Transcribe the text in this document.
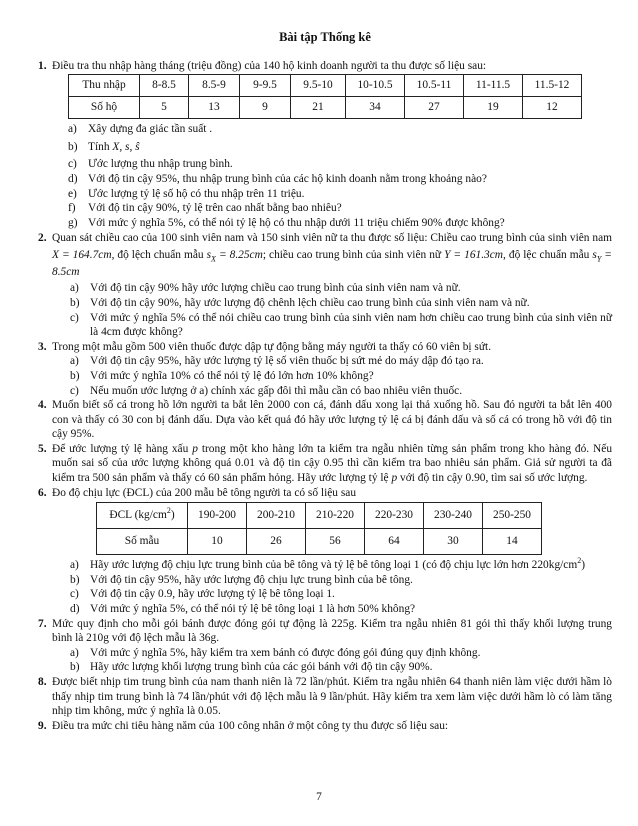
Bài tập Thống kê
1. Điều tra thu nhập hàng tháng (triệu đồng) của 140 hộ kinh doanh người ta thu được số liệu sau:
Thu nhập	8-8.5	8.5-9	9-9.5	9.5-10	10-10.5	10.5-11	11-11.5	11.5-12
Số hộ	5	13	9	21	34	27	19	12
a) Xây dựng đa giác tần suất .
b) Tính X, s, ŝ
c) Ước lượng thu nhập trung bình.
d) Với độ tin cậy 95%, thu nhập trung bình của các hộ kinh doanh nằm trong khoảng nào?
e) Ước lượng tỷ lệ số hộ có thu nhập trên 11 triệu.
f) Với độ tin cậy 90%, tỷ lệ trên cao nhất bằng bao nhiêu?
g) Với mức ý nghĩa 5%, có thể nói tỷ lệ hộ có thu nhập dưới 11 triệu chiếm 90% được không?
2. Quan sát chiều cao của 100 sinh viên nam và 150 sinh viên nữ ta thu được số liệu: Chiều cao trung bình của sinh viên nam X = 164.7cm, độ lệch chuẩn mẫu $s_X = 8.25cm$; chiều cao trung bình của sinh viên nữ Y = 161.3cm, độ lệc chuẩn mẫu $s_Y = 8.5cm$
a) Với độ tin cậy 90% hãy ước lượng chiều cao trung bình của sinh viên nam và nữ.
b) Với độ tin cậy 90%, hãy ước lượng độ chênh lệch chiều cao trung bình của sinh viên nam và nữ.
c) Với mức ý nghĩa 5% có thể nói chiều cao trung bình của sinh viên nam hơn chiều cao trung bình của sinh viên nữ là 4cm được không?
3. Trong một mẫu gồm 500 viên thuốc được dập tự động bằng máy người ta thấy có 60 viên bị sứt.
a) Với độ tin cậy 95%, hãy ước lượng tỷ lệ số viên thuốc bị sứt mẻ do máy dập đó tạo ra.
b) Với mức ý nghĩa 10% có thể nói tỷ lệ đó lớn hơn 10% không?
c) Nếu muốn ước lượng ở a) chính xác gấp đôi thì mẫu cần có bao nhiêu viên thuốc.
4. Muốn biết số cá trong hồ lớn người ta bắt lên 2000 con cá, đánh dấu xong lại thả xuống hồ. Sau đó người ta bắt lên 400 con và thấy có 30 con bị đánh dấu. Dựa vào kết quả đó hãy ước lượng tỷ lệ cá bị đánh dấu và số cá có trong hồ với độ tin cậy 95%.
5. Để ước lượng tỷ lệ hàng xấu p trong một kho hàng lớn ta kiểm tra ngẫu nhiên từng sản phẩm trong kho hàng đó. Nếu muốn sai số của ước lượng không quá 0.01 và độ tin cậy 0.95 thì cần kiểm tra bao nhiêu sản phẩm. Giả sử người ta đã kiểm tra 500 sản phẩm và thấy có 60 sản phẩm hỏng. Hãy ước lượng tỷ lệ p với độ tin cậy 0.90, tìm sai số ước lượng.
6. Đo độ chịu lực (ĐCL) của 200 mẫu bê tông người ta có số liệu sau
ĐCL $(kg/cm^2)$	190-200	200-210	210-220	220-230	230-240	250-250
Số mẫu	10	26	56	64	30	14
a) Hãy ước lượng độ chịu lực trung bình của bê tông và tỷ lệ bê tông loại 1 (có độ chịu lực lớn hơn $220kg/cm^2$)
b) Với độ tin cậy 95%, hãy ước lượng độ chịu lực trung bình của bê tông.
c) Với độ tin cậy 0.9, hãy ước lượng tỷ lệ bê tông loại 1.
d) Với mức ý nghĩa 5%, có thể nói tỷ lệ bê tông loại 1 là hơn 50% không?
7. Mức quy định cho mỗi gói bánh được đóng gói tự động là 225g. Kiểm tra ngẫu nhiên 81 gói thì thấy khối lượng trung bình là 210g với độ lệch mẫu là 36g.
a) Với mức ý nghĩa 5%, hãy kiểm tra xem bánh có được đóng gói đúng quy định không.
b) Hãy ước lượng khối lượng trung bình của các gói bánh với độ tin cậy 90%.
8. Được biết nhịp tim trung bình của nam thanh niên là 72 lần/phút. Kiểm tra ngẫu nhiên 64 thanh niên làm việc dưới hầm lò thấy nhịp tim trung bình là 74 lần/phút với độ lệch mẫu là 9 lần/phút. Hãy kiểm tra xem làm việc dưới hầm lò có làm tăng nhịp tim không, mức ý nghĩa là 0.05.
9. Điều tra mức chi tiêu hàng năm của 100 công nhân ở một công ty thu được số liệu sau:
7
